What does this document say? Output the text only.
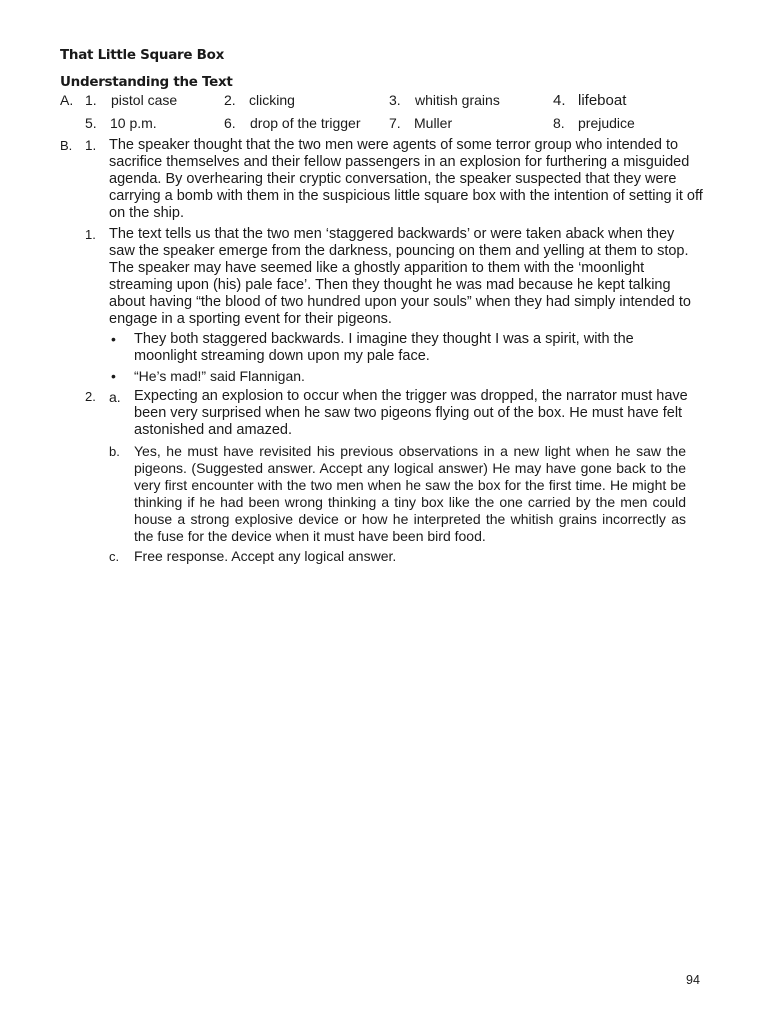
That Little Square Box
Understanding the Text
A. 1. pistol case	2. clicking	3. whitish grains	4. lifeboat
5. 10 p.m.	6. drop of the trigger 7. Muller	8. prejudice
B. 1. The speaker thought that the two men were agents of some terror group who intended to sacrifice themselves and their fellow passengers in an explosion for furthering a misguided agenda. By overhearing their cryptic conversation, the speaker suspected that they were carrying a bomb with them in the suspicious little square box with the intention of setting it off on the ship.
1. The text tells us that the two men ‘staggered backwards’ or were taken aback when they saw the speaker emerge from the darkness, pouncing on them and yelling at them to stop. The speaker may have seemed like a ghostly apparition to them with the ‘moonlight streaming upon (his) pale face’. Then they thought he was mad because he kept talking about having “the blood of two hundred upon your souls” when they had simply intended to engage in a sporting event for their pigeons.
• They both staggered backwards. I imagine they thought I was a spirit, with the moonlight streaming down upon my pale face.
• “He’s mad!” said Flannigan.
2. a. Expecting an explosion to occur when the trigger was dropped, the narrator must have been very surprised when he saw two pigeons flying out of the box. He must have felt astonished and amazed.
b. Yes, he must have revisited his previous observations in a new light when he saw the pigeons. (Suggested answer. Accept any logical answer) He may have gone back to the very first encounter with the two men when he saw the box for the first time. He might be thinking if he had been wrong thinking a tiny box like the one carried by the men could house a strong explosive device or how he interpreted the whitish grains incorrectly as the fuse for the device when it must have been bird food.
c. Free response. Accept any logical answer.
94
